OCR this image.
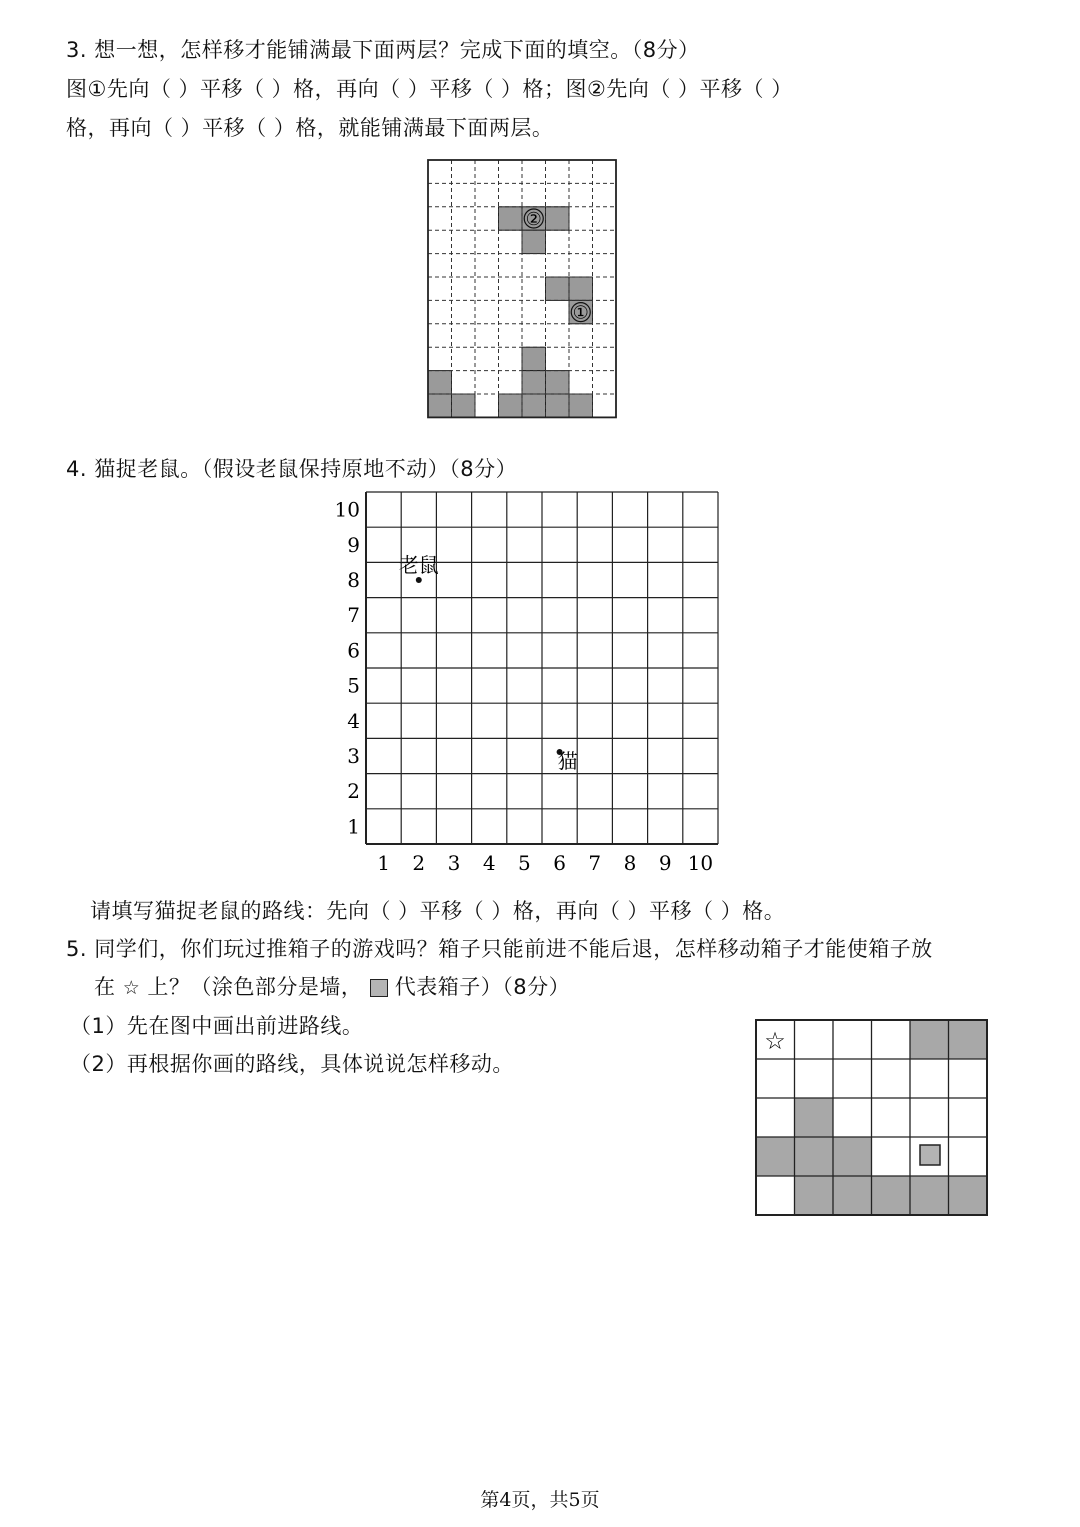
3. 想一想，怎样移才能铺满最下面两层？完成下面的填空。（8分）
图①先向（ ）平移（ ）格，再向（ ）平移（ ）格；图②先向（ ）平移（ ）
格，再向（ ）平移（ ）格，就能铺满最下面两层。
②
①
4. 猫捉老鼠。（假设老鼠保持原地不动）（8分）
1 2 3 4 5 6 7 8 9 10
1
2
3
4
5
6
7
8
9
10
老鼠
猫
请填写猫捉老鼠的路线：先向（ ）平移（ ）格，再向（ ）平移（ ）格。
5. 同学们，你们玩过推箱子的游戏吗？箱子只能前进不能后退，怎样移动箱子才能使箱子放
在 ☆ 上？（涂色部分是墙， 代表箱子）（8分）
（1）先在图中画出前进路线。
（2）再根据你画的路线，具体说说怎样移动。
☆
第4页，共5页
